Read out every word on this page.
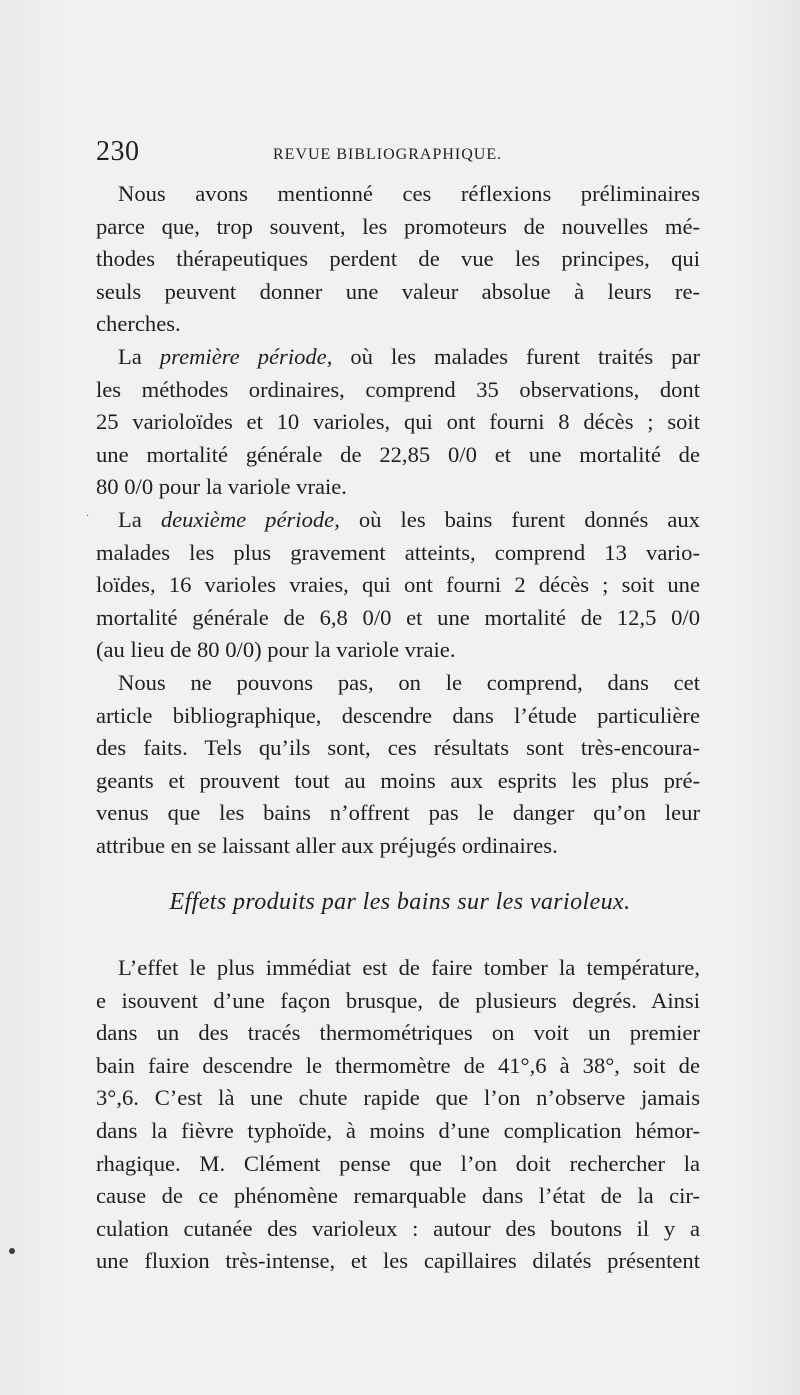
230	REVUE BIBLIOGRAPHIQUE.
Nous avons mentionné ces réflexions préliminaires
parce que, trop souvent, les promoteurs de nouvelles mé-
thodes thérapeutiques perdent de vue les principes, qui
seuls peuvent donner une valeur absolue à leurs re-
cherches.
La première période, où les malades furent traités par
les méthodes ordinaires, comprend 35 observations, dont
25 varioloïdes et 10 varioles, qui ont fourni 8 décès ; soit
une mortalité générale de 22,85 0/0 et une mortalité de
80 0/0 pour la variole vraie.
La deuxième période, où les bains furent donnés aux
malades les plus gravement atteints, comprend 13 vario-
loïdes, 16 varioles vraies, qui ont fourni 2 décès ; soit une
mortalité générale de 6,8 0/0 et une mortalité de 12,5 0/0
(au lieu de 80 0/0) pour la variole vraie.
Nous ne pouvons pas, on le comprend, dans cet
article bibliographique, descendre dans l’étude particulière
des faits. Tels qu’ils sont, ces résultats sont très-encoura-
geants et prouvent tout au moins aux esprits les plus pré-
venus que les bains n’offrent pas le danger qu’on leur
attribue en se laissant aller aux préjugés ordinaires.
·
Effets produits par les bains sur les varioleux.
L’effet le plus immédiat est de faire tomber la température,
e isouvent d’une façon brusque, de plusieurs degrés. Ainsi
dans un des tracés thermométriques on voit un premier
bain faire descendre le thermomètre de 41°,6 à 38°, soit de
3°,6. C’est là une chute rapide que l’on n’observe jamais
dans la fièvre typhoïde, à moins d’une complication hémor-
rhagique. M. Clément pense que l’on doit rechercher la
cause de ce phénomène remarquable dans l’état de la cir-
culation cutanée des varioleux : autour des boutons il y a
une fluxion très-intense, et les capillaires dilatés présentent
